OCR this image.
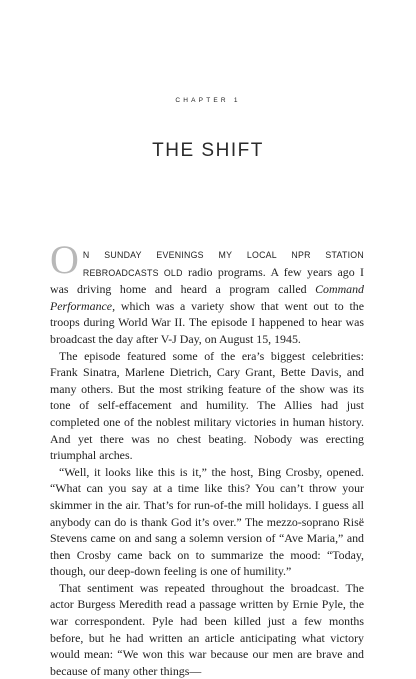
CHAPTER 1
THE SHIFT

ON SUNDAY EVENINGS MY LOCAL NPR STATION REBROADCASTS OLD radio programs. A few years ago I was driving home and heard a program called Command Performance, which was a variety show that went out to the troops during World War II. The episode I happened to hear was broadcast the day after V-J Day, on August 15, 1945.

The episode featured some of the era’s biggest celebrities: Frank Sinatra, Marlene Dietrich, Cary Grant, Bette Davis, and many others. But the most striking feature of the show was its tone of self-effacement and humility. The Allies had just completed one of the noblest military victories in human history. And yet there was no chest beating. Nobody was erecting triumphal arches.

“Well, it looks like this is it,” the host, Bing Crosby, opened. “What can you say at a time like this? You can’t throw your skimmer in the air. That’s for run-of-the mill holidays. I guess all anybody can do is thank God it’s over.” The mezzo-soprano Risë Stevens came on and sang a solemn version of “Ave Maria,” and then Crosby came back on to summarize the mood: “Today, though, our deep-down feeling is one of humility.”

That sentiment was repeated throughout the broadcast. The actor Burgess Meredith read a passage written by Ernie Pyle, the war correspondent. Pyle had been killed just a few months before, but he had written an article anticipating what victory would mean: “We won this war because our men are brave and because of many other things—
